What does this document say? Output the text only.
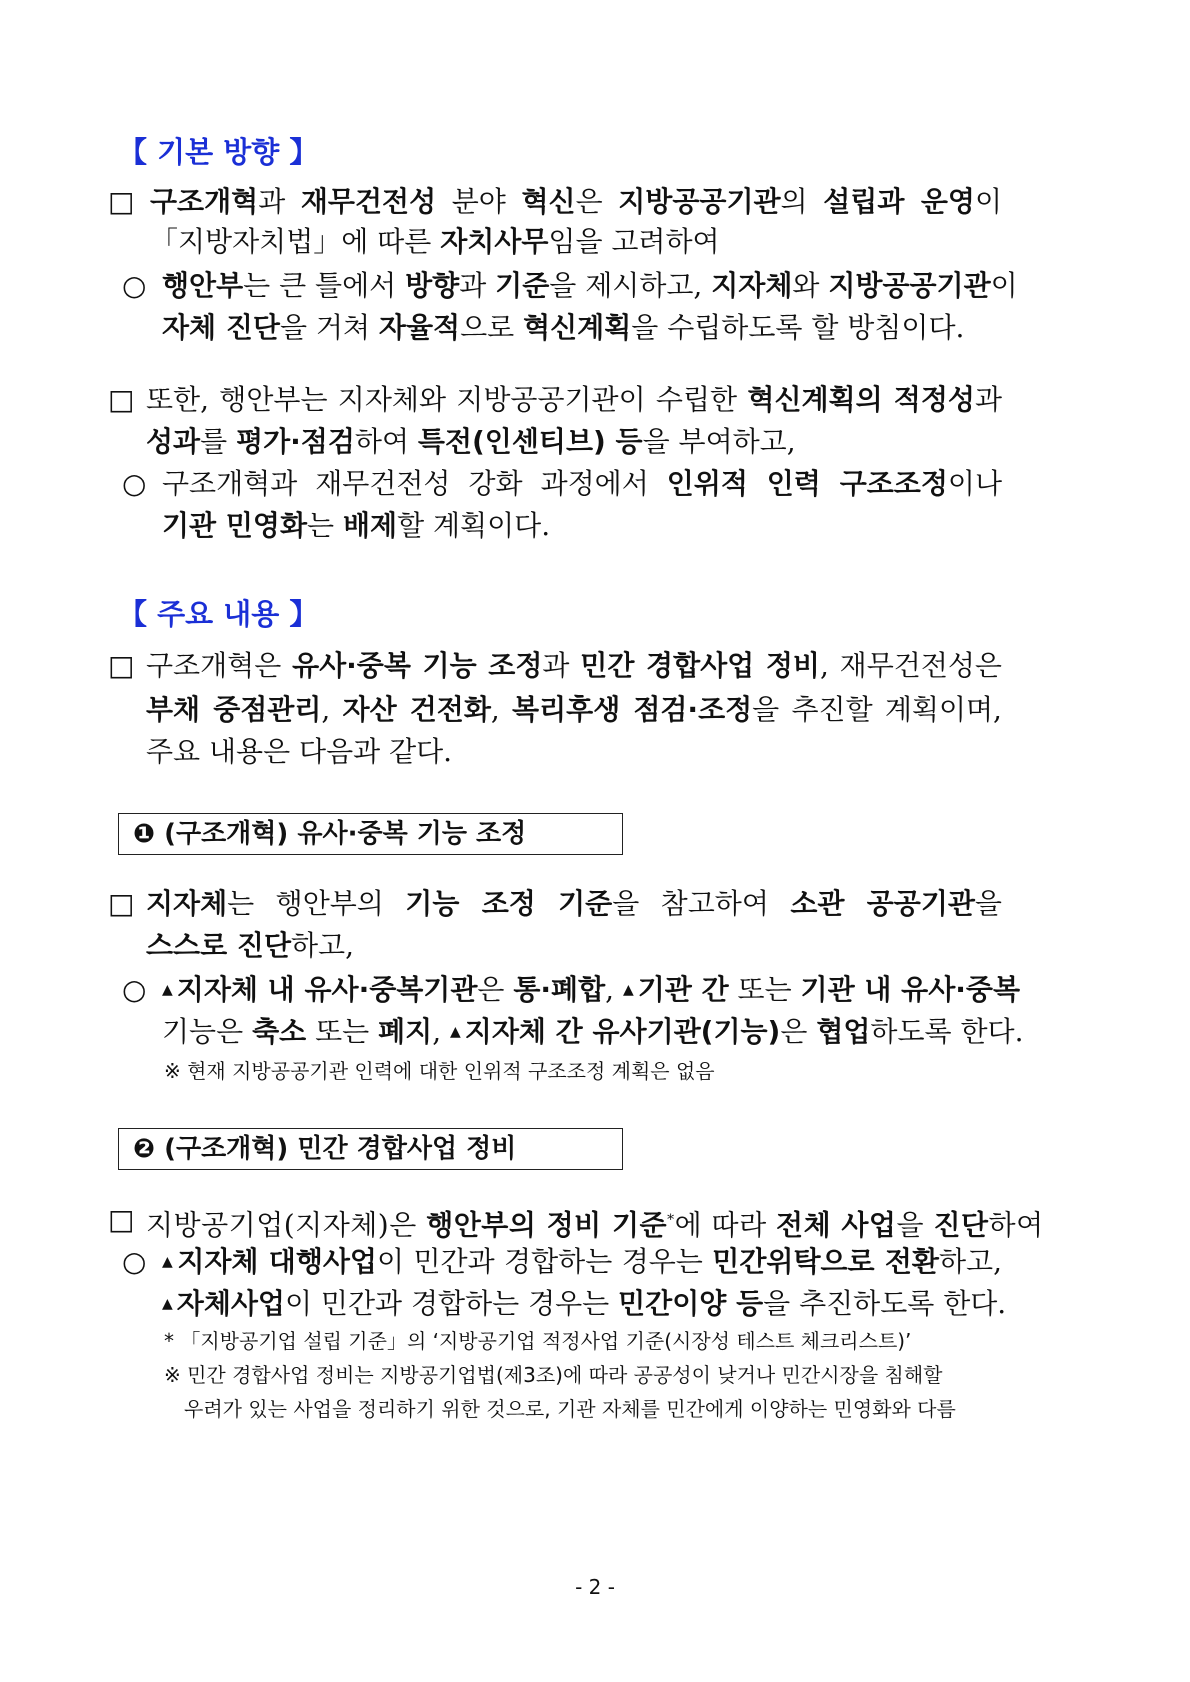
【 기본 방향 】
□ 구조개혁과 재무건전성 분야 혁신은 지방공공기관의 설립과 운영이
「지방자치법」에 따른 자치사무임을 고려하여
○ 행안부는 큰 틀에서 방향과 기준을 제시하고, 지자체와 지방공공기관이
자체 진단을 거쳐 자율적으로 혁신계획을 수립하도록 할 방침이다.
□ 또한, 행안부는 지자체와 지방공공기관이 수립한 혁신계획의 적정성과
성과를 평가·점검하여 특전(인센티브) 등을 부여하고,
○ 구조개혁과 재무건전성 강화 과정에서 인위적 인력 구조조정이나
기관 민영화는 배제할 계획이다.
【 주요 내용 】
□ 구조개혁은 유사·중복 기능 조정과 민간 경합사업 정비, 재무건전성은
부채 중점관리, 자산 건전화, 복리후생 점검·조정을 추진할 계획이며,
주요 내용은 다음과 같다.
❶ (구조개혁) 유사·중복 기능 조정
□ 지자체는 행안부의 기능 조정 기준을 참고하여 소관 공공기관을
스스로 진단하고,
○ ▲ 지자체 내 유사·중복기관은 통·폐합, ▲ 기관 간 또는 기관 내 유사·중복
기능은 축소 또는 폐지, ▲ 지자체 간 유사기관(기능)은 협업하도록 한다.
※ 현재 지방공공기관 인력에 대한 인위적 구조조정 계획은 없음
❷ (구조개혁) 민간 경합사업 정비
□ 지방공기업(지자체)은 행안부의 정비 기준*에 따라 전체 사업을 진단하여
○ ▲ 지자체 대행사업이 민간과 경합하는 경우는 민간위탁으로 전환하고,
▲ 자체사업이 민간과 경합하는 경우는 민간이양 등을 추진하도록 한다.
* 「지방공기업 설립 기준」의 ‘지방공기업 적정사업 기준(시장성 테스트 체크리스트)’
※ 민간 경합사업 정비는 지방공기업법(제3조)에 따라 공공성이 낮거나 민간시장을 침해할
우려가 있는 사업을 정리하기 위한 것으로, 기관 자체를 민간에게 이양하는 민영화와 다름
- 2 -
